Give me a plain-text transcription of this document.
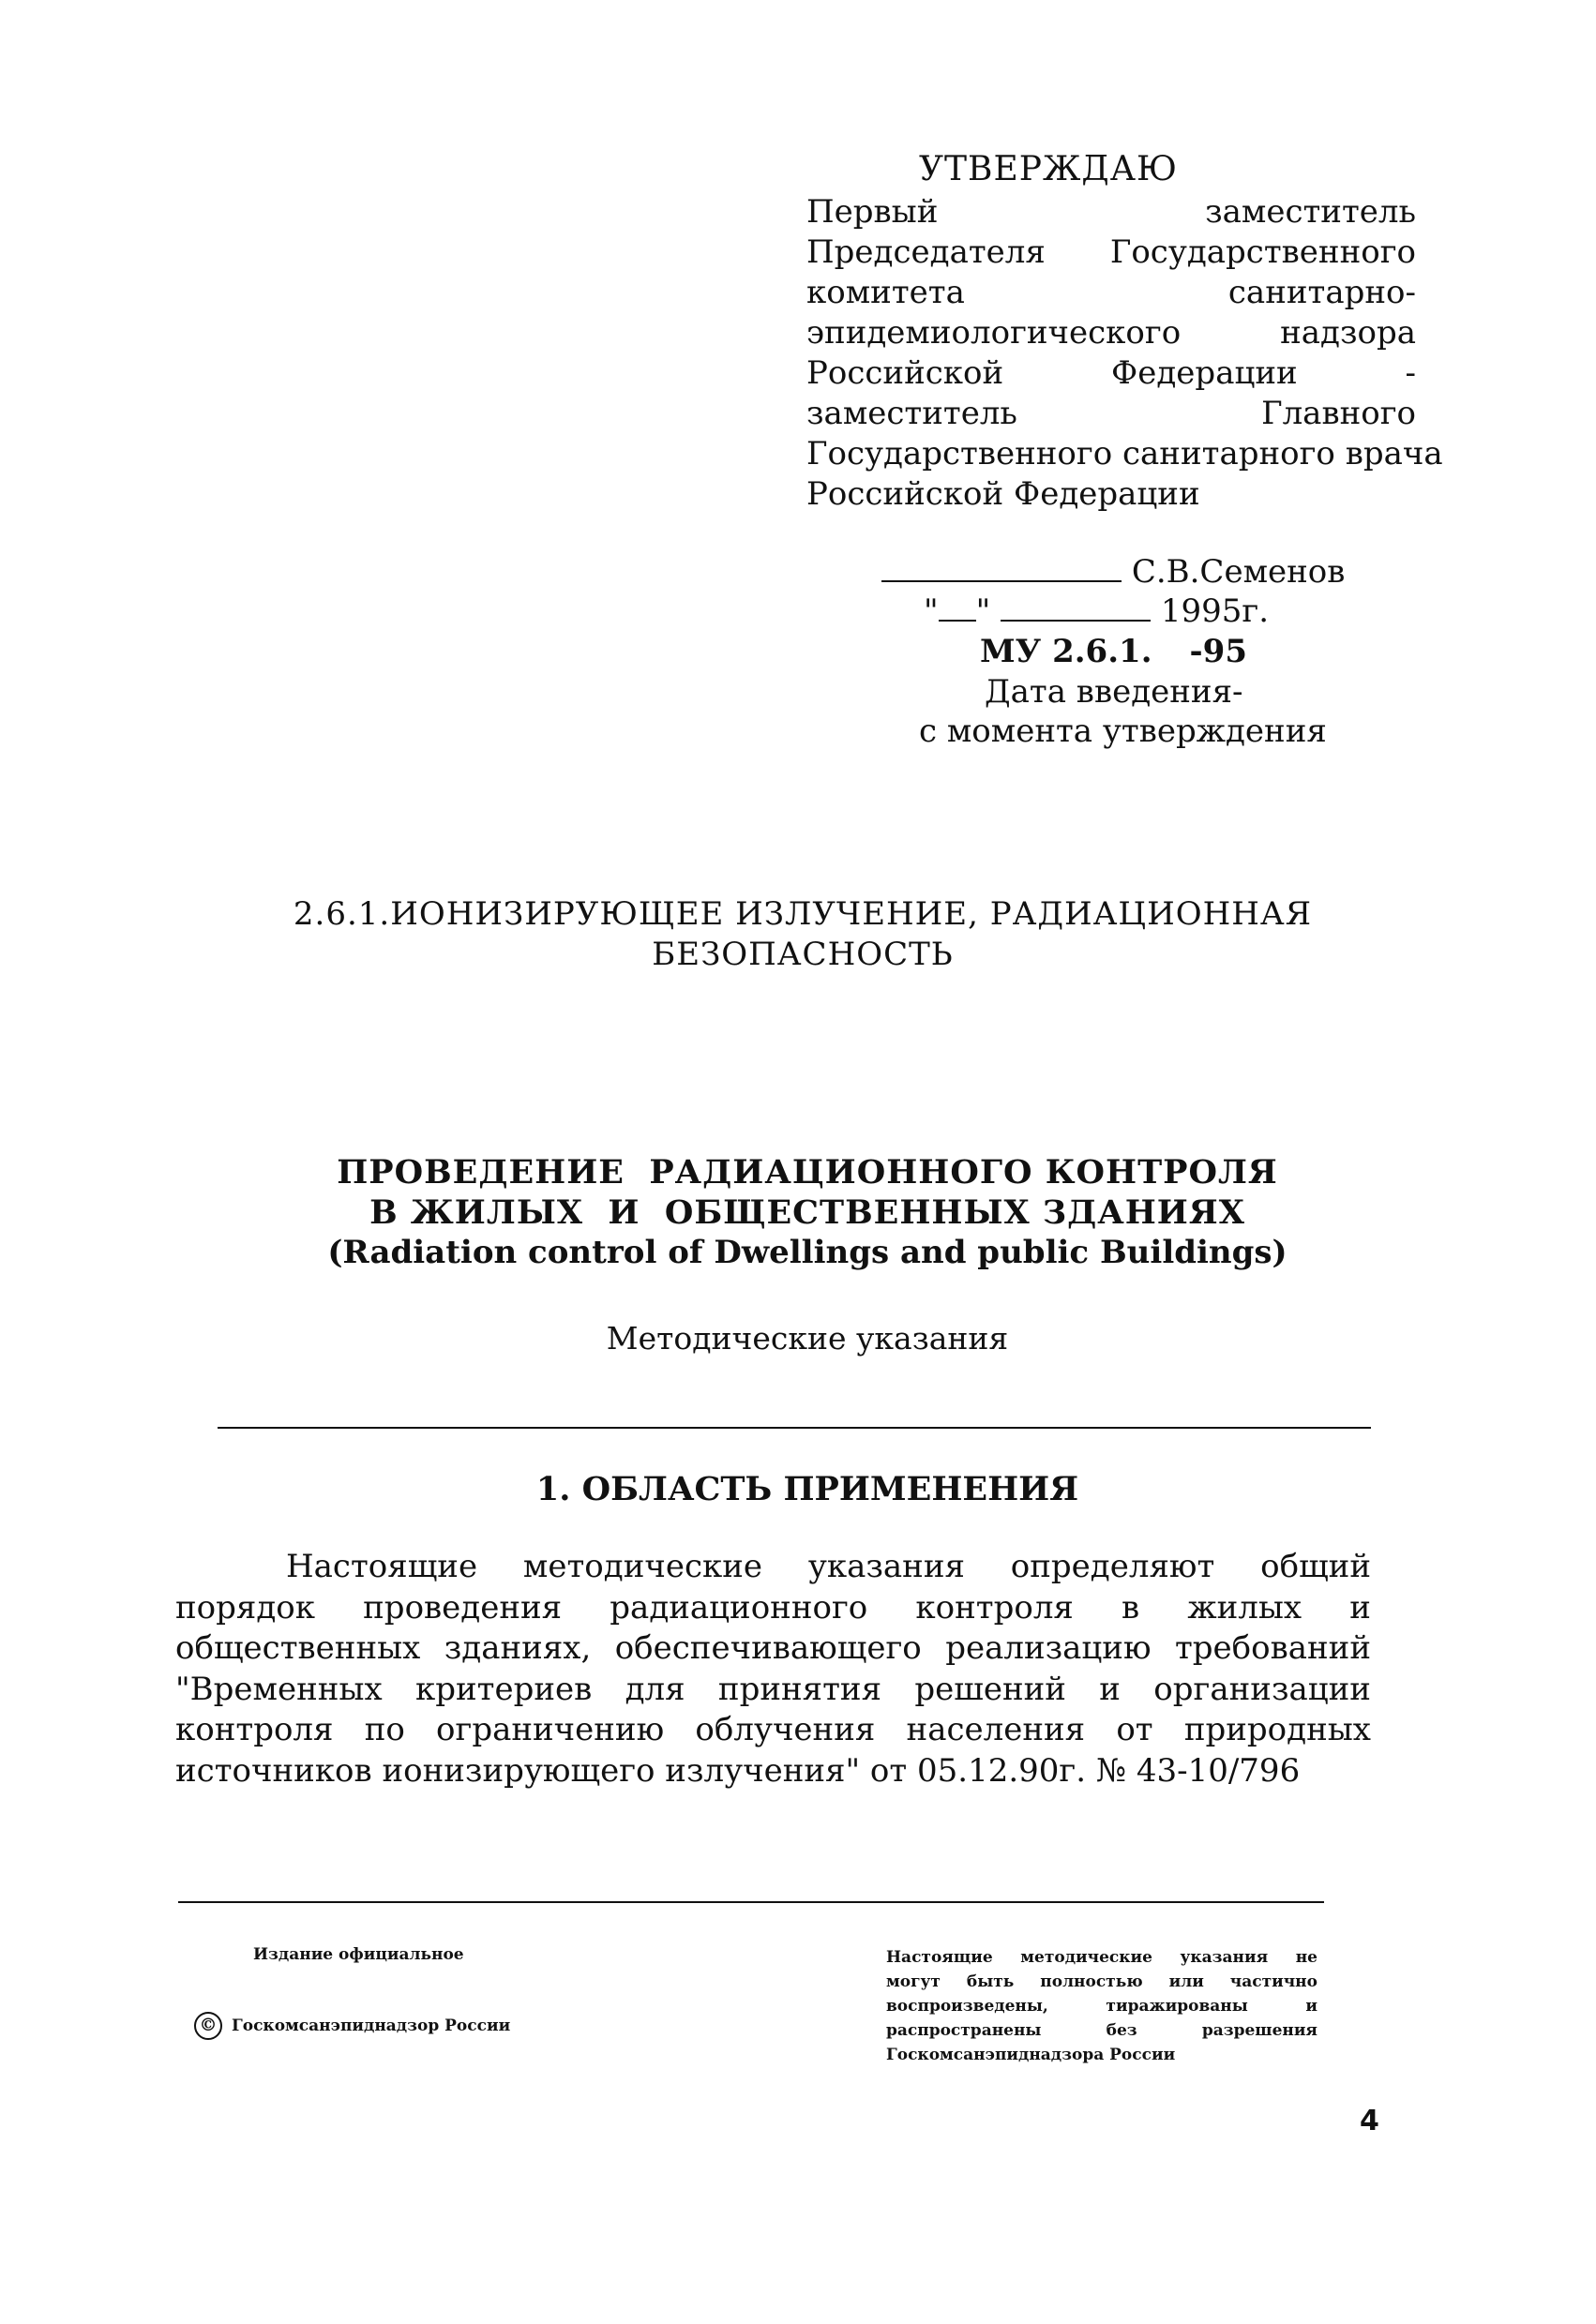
УТВЕРЖДАЮ
Первый	заместитель
Председателя Государственного
комитета	санитарно-
эпидемиологического	надзора
Российской	Федерации	-
заместитель	Главного
Государственного санитарного врача
Российской Федерации
С.В.Семенов
" "	1995г.
МУ 2.6.1. -95
Дата введения-
с момента утверждения
2.6.1.ИОНИЗИРУЮЩЕЕ ИЗЛУЧЕНИЕ, РАДИАЦИОННАЯ
БЕЗОПАСНОСТЬ
ПРОВЕДЕНИЕ  РАДИАЦИОННОГО КОНТРОЛЯ
В ЖИЛЫХ  И  ОБЩЕСТВЕННЫХ ЗДАНИЯХ
(Radiation control of Dwellings and public Buildings)
Методические указания
1. ОБЛАСТЬ ПРИМЕНЕНИЯ
Настоящие методические указания определяют общий
порядок проведения радиационного контроля в жилых и
общественных зданиях, обеспечивающего реализацию требований
"Временных критериев для принятия решений и организации
контроля по ограничению облучения населения от природных
источников ионизирующего излучения" от 05.12.90г. № 43-10/796
Издание официальное
© Госкомсанэпиднадзор России
Настоящие методические указания не
могут быть полностью или частично
воспроизведены,	тиражированы	и
распространены	без	разрешения
Госкомсанэпиднадзора России
4
